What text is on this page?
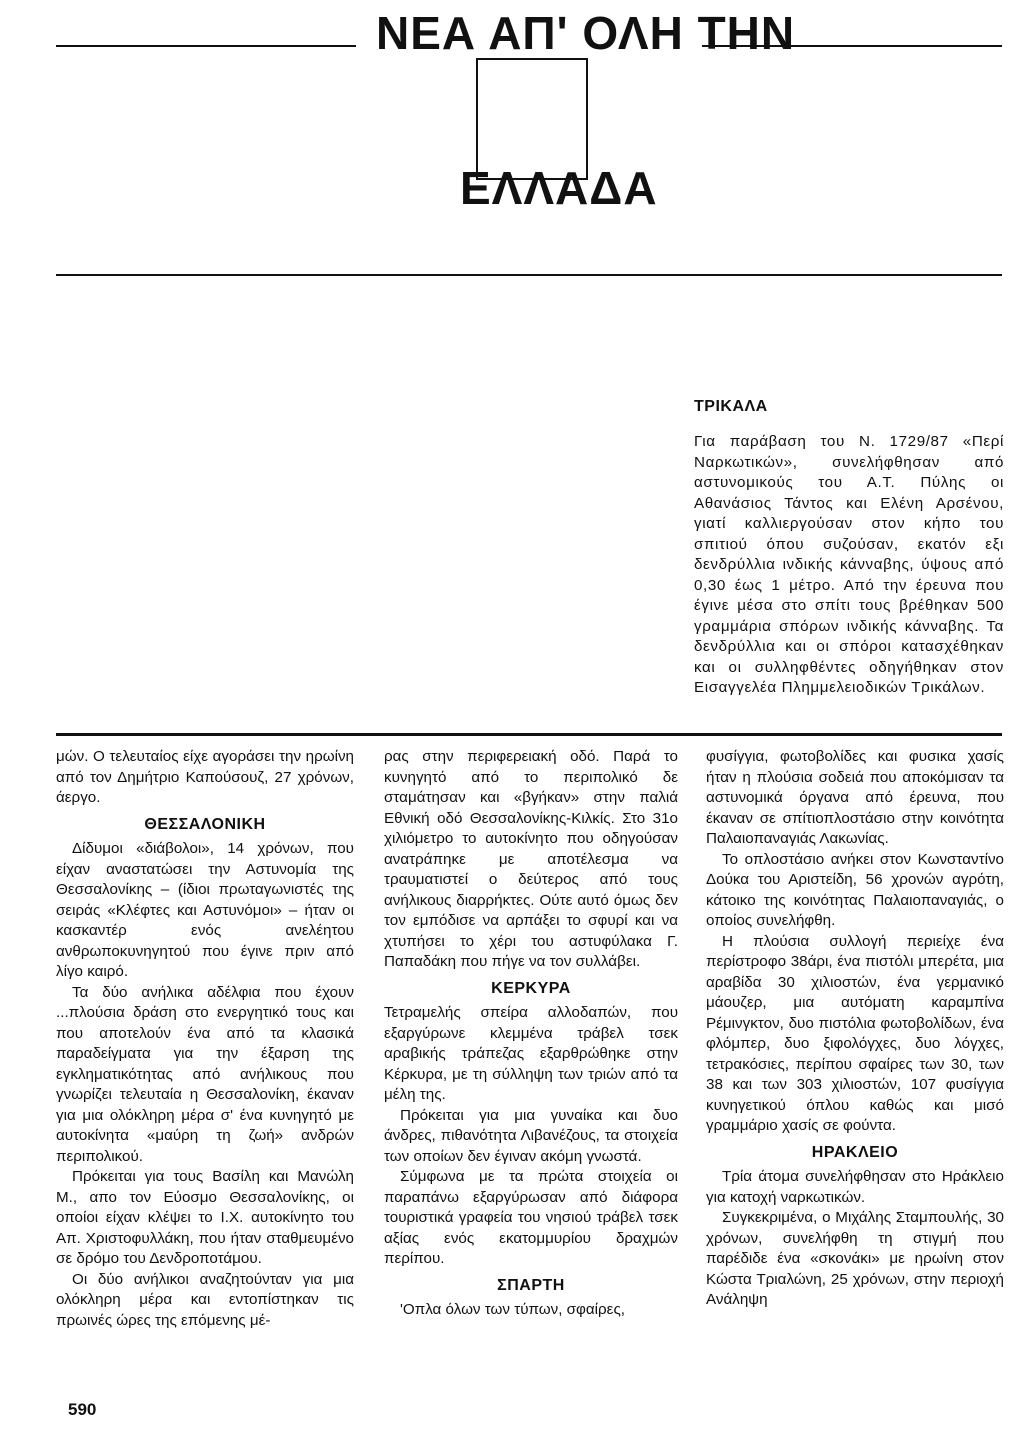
ΝΕΑ ΑΠ' ΟΛΗ ΤΗΝ
ΕΛΛΑΔΑ
ΤΡΙΚΑΛΑ

Για παράβαση του Ν. 1729/87 «Περί Ναρκωτικών», συνελήφθησαν από αστυνομικούς του Α.Τ. Πύλης οι Αθανάσιος Τάντος και Ελένη Αρσένου, γιατί καλλιεργούσαν στον κήπο του σπιτιού όπου συζούσαν, εκατόν εξι δενδρύλλια ινδικής κάνναβης, ύψους από 0,30 έως 1 μέτρο. Από την έρευνα που έγινε μέσα στο σπίτι τους βρέθηκαν 500 γραμμάρια σπόρων ινδικής κάνναβης. Τα δενδρύλλια και οι σπόροι κατασχέθηκαν και οι συλληφθέντες οδηγήθηκαν στον Εισαγγελέα Πλημμελειοδικών Τρικάλων.

μών. Ο τελευταίος είχε αγοράσει την ηρωίνη από τον Δημήτριο Καπούσουζ, 27 χρόνων, άεργο.

ΘΕΣΣΑΛΟΝΙΚΗ

Δίδυμοι «διάβολοι», 14 χρόνων, που είχαν αναστατώσει την Αστυνομία της Θεσσαλονίκης – (ίδιοι πρωταγωνιστές της σειράς «Κλέφτες και Αστυνόμοι» – ήταν οι κασκαντέρ ενός ανελέητου ανθρωποκυνηγητού που έγινε πριν από λίγο καιρό.

Τα δύο ανήλικα αδέλφια που έχουν ...πλούσια δράση στο ενεργητικό τους και που αποτελούν ένα από τα κλασικά παραδείγματα για την έξαρση της εγκληματικότητας από ανήλικους που γνωρίζει τελευταία η Θεσσαλονίκη, έκαναν για μια ολόκληρη μέρα σ' ένα κυνηγητό με αυτοκίνητα «μαύρη τη ζωή» ανδρών περιπολικού.

Πρόκειται για τους Βασίλη και Μανώλη Μ., απο τον Εύοσμο Θεσσαλονίκης, οι οποίοι είχαν κλέψει το Ι.Χ. αυτοκίνητο του Απ. Χριστοφυλλάκη, που ήταν σταθμευμένο σε δρόμο του Δενδροποτάμου.

Οι δύο ανήλικοι αναζητούνταν για μια ολόκληρη μέρα και εντοπίστηκαν τις πρωινές ώρες της επόμενης μέ-

ρας στην περιφερειακή οδό. Παρά το κυνηγητό από το περιπολικό δε σταμάτησαν και «βγήκαν» στην παλιά Εθνική οδό Θεσσαλονίκης-Κιλκίς. Στο 31ο χιλιόμετρο το αυτοκίνητο που οδηγούσαν ανατράπηκε με αποτέλεσμα να τραυματιστεί ο δεύτερος από τους ανήλικους διαρρήκτες. Ούτε αυτό όμως δεν τον εμπόδισε να αρπάξει το σφυρί και να χτυπήσει το χέρι του αστυφύλακα Γ. Παπαδάκη που πήγε να τον συλλάβει.

ΚΕΡΚΥΡΑ

Τετραμελής σπείρα αλλοδαπών, που εξαργύρωνε κλεμμένα τράβελ τσεκ αραβικής τράπεζας εξαρθρώθηκε στην Κέρκυρα, με τη σύλληψη των τριών από τα μέλη της.

Πρόκειται για μια γυναίκα και δυο άνδρες, πιθανότητα Λιβανέζους, τα στοιχεία των οποίων δεν έγιναν ακόμη γνωστά.

Σύμφωνα με τα πρώτα στοιχεία οι παραπάνω εξαργύρωσαν από διάφορα τουριστικά γραφεία του νησιού τράβελ τσεκ αξίας ενός εκατομμυρίου δραχμών περίπου.

ΣΠΑΡΤΗ

'Οπλα όλων των τύπων, σφαίρες,

φυσίγγια, φωτοβολίδες και φυσικα χασίς ήταν η πλούσια σοδειά που αποκόμισαν τα αστυνομικά όργανα από έρευνα, που έκαναν σε σπίτιοπλοστάσιο στην κοινότητα Παλαιοπαναγιάς Λακωνίας.

Το οπλοστάσιο ανήκει στον Κωνσταντίνο Δούκα του Αριστείδη, 56 χρονών αγρότη, κάτοικο της κοινότητας Παλαιοπαναγιάς, ο οποίος συνελήφθη.

Η πλούσια συλλογή περιείχε ένα περίστροφο 38άρι, ένα πιστόλι μπερέτα, μια αραβίδα 30 χιλιοστών, ένα γερμανικό μάουζερ, μια αυτόματη καραμπίνα Ρέμινγκτον, δυο πιστόλια φωτοβολίδων, ένα φλόμπερ, δυο ξιφολόγχες, δυο λόγχες, τετρακόσιες, περίπου σφαίρες των 30, των 38 και των 303 χιλιοστών, 107 φυσίγγια κυνηγετικού όπλου καθώς και μισό γραμμάριο χασίς σε φούντα.

ΗΡΑΚΛΕΙΟ

Τρία άτομα συνελήφθησαν στο Ηράκλειο για κατοχή ναρκωτικών.

Συγκεκριμένα, ο Μιχάλης Σταμπουλής, 30 χρόνων, συνελήφθη τη στιγμή που παρέδιδε ένα «σκονάκι» με ηρωίνη στον Κώστα Τριαλώνη, 25 χρόνων, στην περιοχή Ανάληψη

590
